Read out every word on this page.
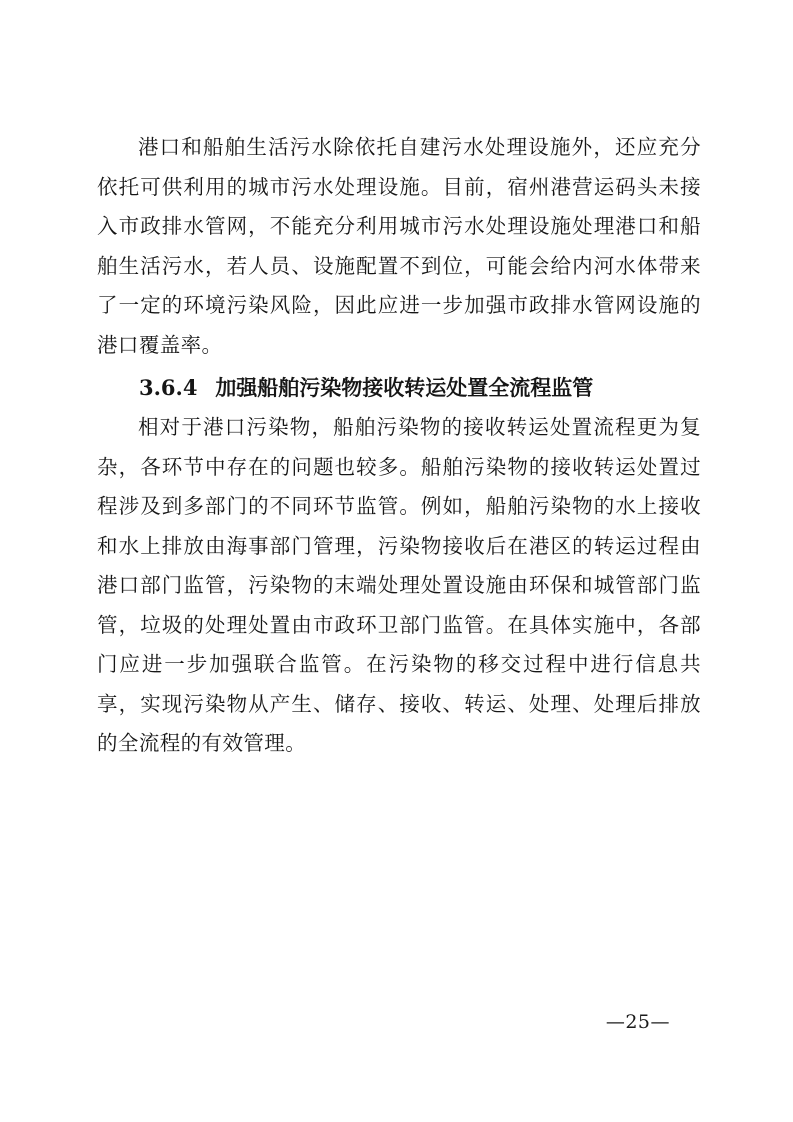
港口和船舶生活污水除依托自建污水处理设施外，还应充分
依托可供利用的城市污水处理设施。目前，宿州港营运码头未接
入市政排水管网，不能充分利用城市污水处理设施处理港口和船
舶生活污水，若人员、设施配置不到位，可能会给内河水体带来
了一定的环境污染风险，因此应进一步加强市政排水管网设施的
港口覆盖率。
3.6.4 加强船舶污染物接收转运处置全流程监管
相对于港口污染物，船舶污染物的接收转运处置流程更为复
杂，各环节中存在的问题也较多。船舶污染物的接收转运处置过
程涉及到多部门的不同环节监管。例如，船舶污染物的水上接收
和水上排放由海事部门管理，污染物接收后在港区的转运过程由
港口部门监管，污染物的末端处理处置设施由环保和城管部门监
管，垃圾的处理处置由市政环卫部门监管。在具体实施中，各部
门应进一步加强联合监管。在污染物的移交过程中进行信息共
享，实现污染物从产生、储存、接收、转运、处理、处理后排放
的全流程的有效管理。
—25—
